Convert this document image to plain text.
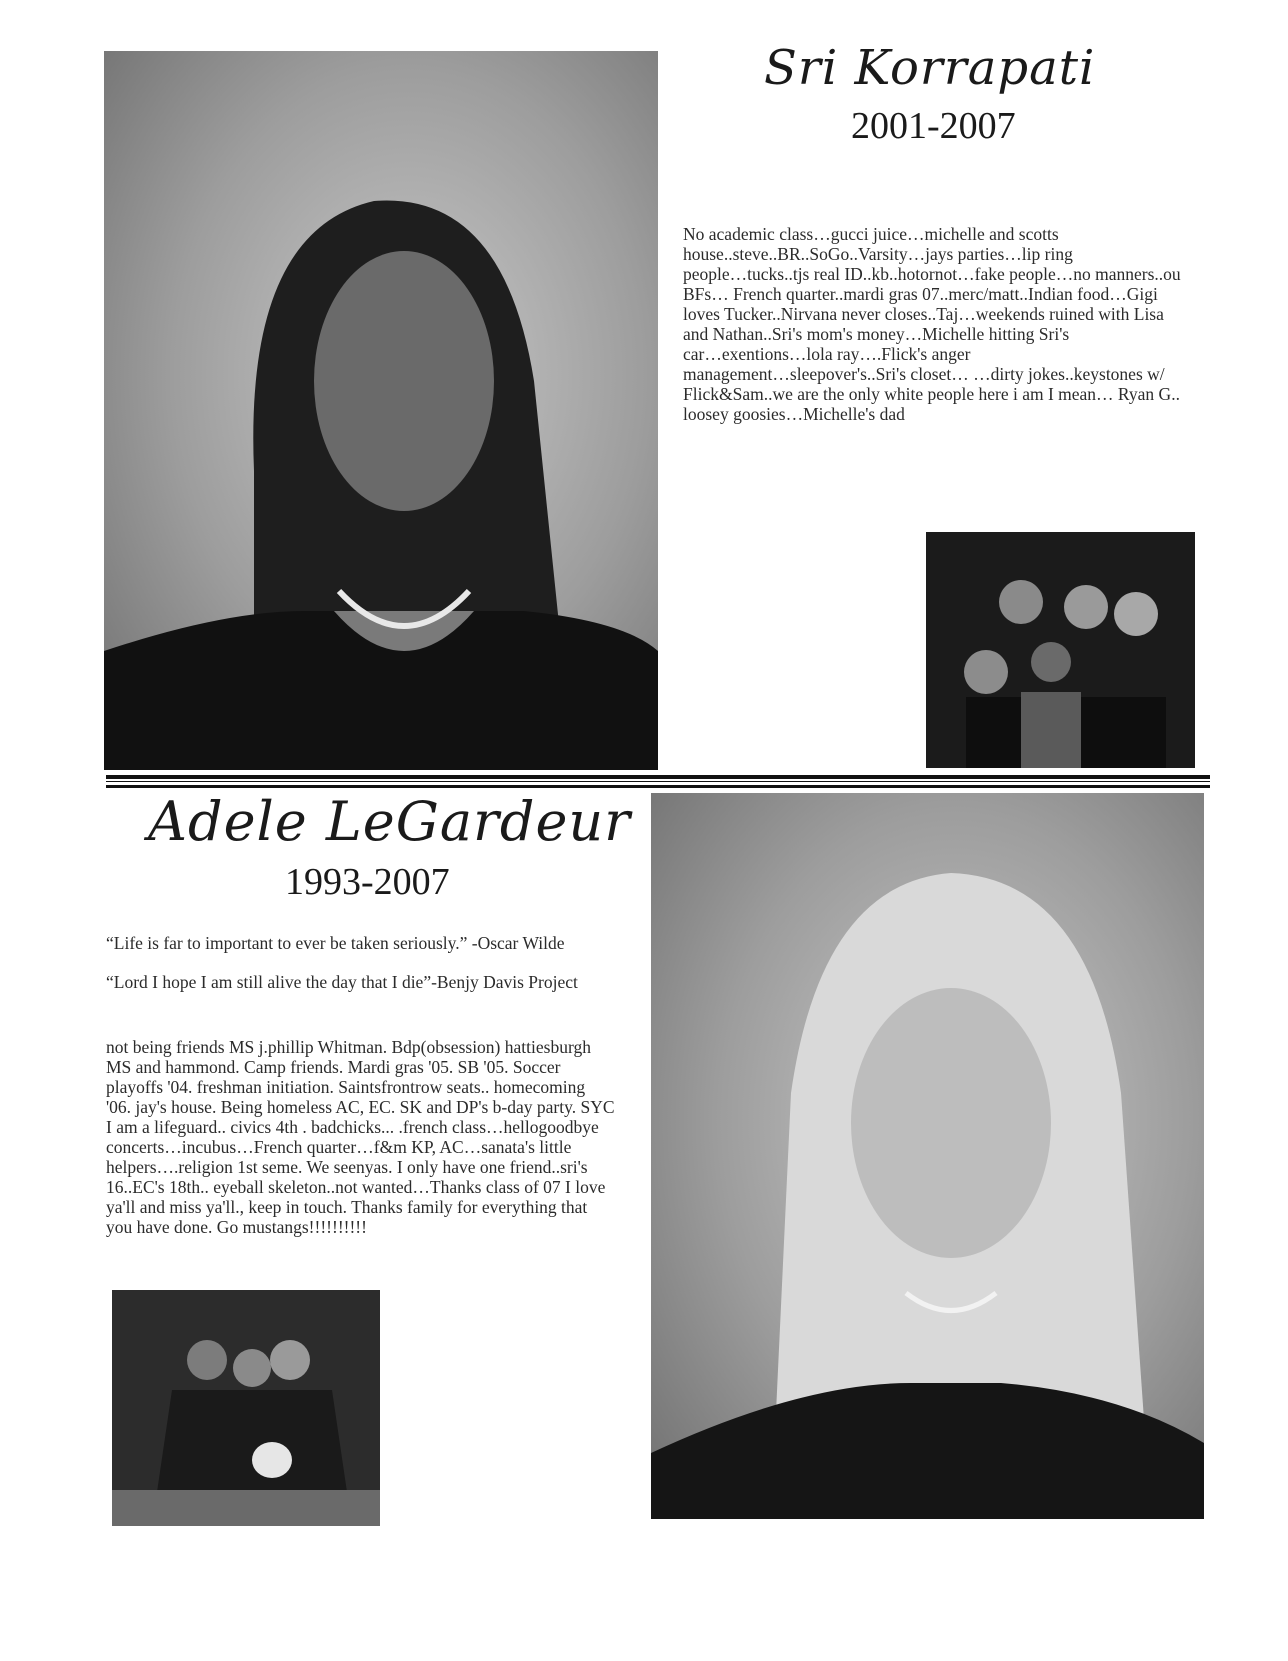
Sri Korrapati
2001-2007

No academic class…gucci juice…michelle and scotts

house..steve..BR..SoGo..Varsity…jays parties…lip ring

people…tucks..tjs real ID..kb..hotornot…fake people…no manners..ou

BFs… French quarter..mardi gras 07..merc/matt..Indian food…Gigi

loves Tucker..Nirvana never closes..Taj…weekends ruined with Lisa

and Nathan..Sri's mom's money…Michelle hitting Sri's

car…exentions…lola ray….Flick's anger

management…sleepover's..Sri's closet… …dirty jokes..keystones w/

Flick&Sam..we are the only white people here i am I mean… Ryan G..

loosey goosies…Michelle's dad

Adele LeGardeur
1993-2007
“Life is far to important to ever be taken seriously.” -Oscar Wilde
“Lord I hope I am still alive the day that I die”-Benjy Davis Project

not being friends MS j.phillip Whitman. Bdp(obsession) hattiesburgh

MS and hammond. Camp friends. Mardi gras '05. SB '05. Soccer

playoffs '04. freshman initiation. Saintsfrontrow seats.. homecoming

'06. jay's house. Being homeless AC, EC. SK and DP's b-day party. SYC

I am a lifeguard.. civics 4th . badchicks... .french class…hellogoodbye

concerts…incubus…French quarter…f&m KP, AC…sanata's little

helpers….religion 1st seme. We seenyas. I only have one friend..sri's

16..EC's 18th.. eyeball skeleton..not wanted…Thanks class of 07 I love

ya'll and miss ya'll., keep in touch. Thanks family for everything that

you have done. Go mustangs!!!!!!!!!!
